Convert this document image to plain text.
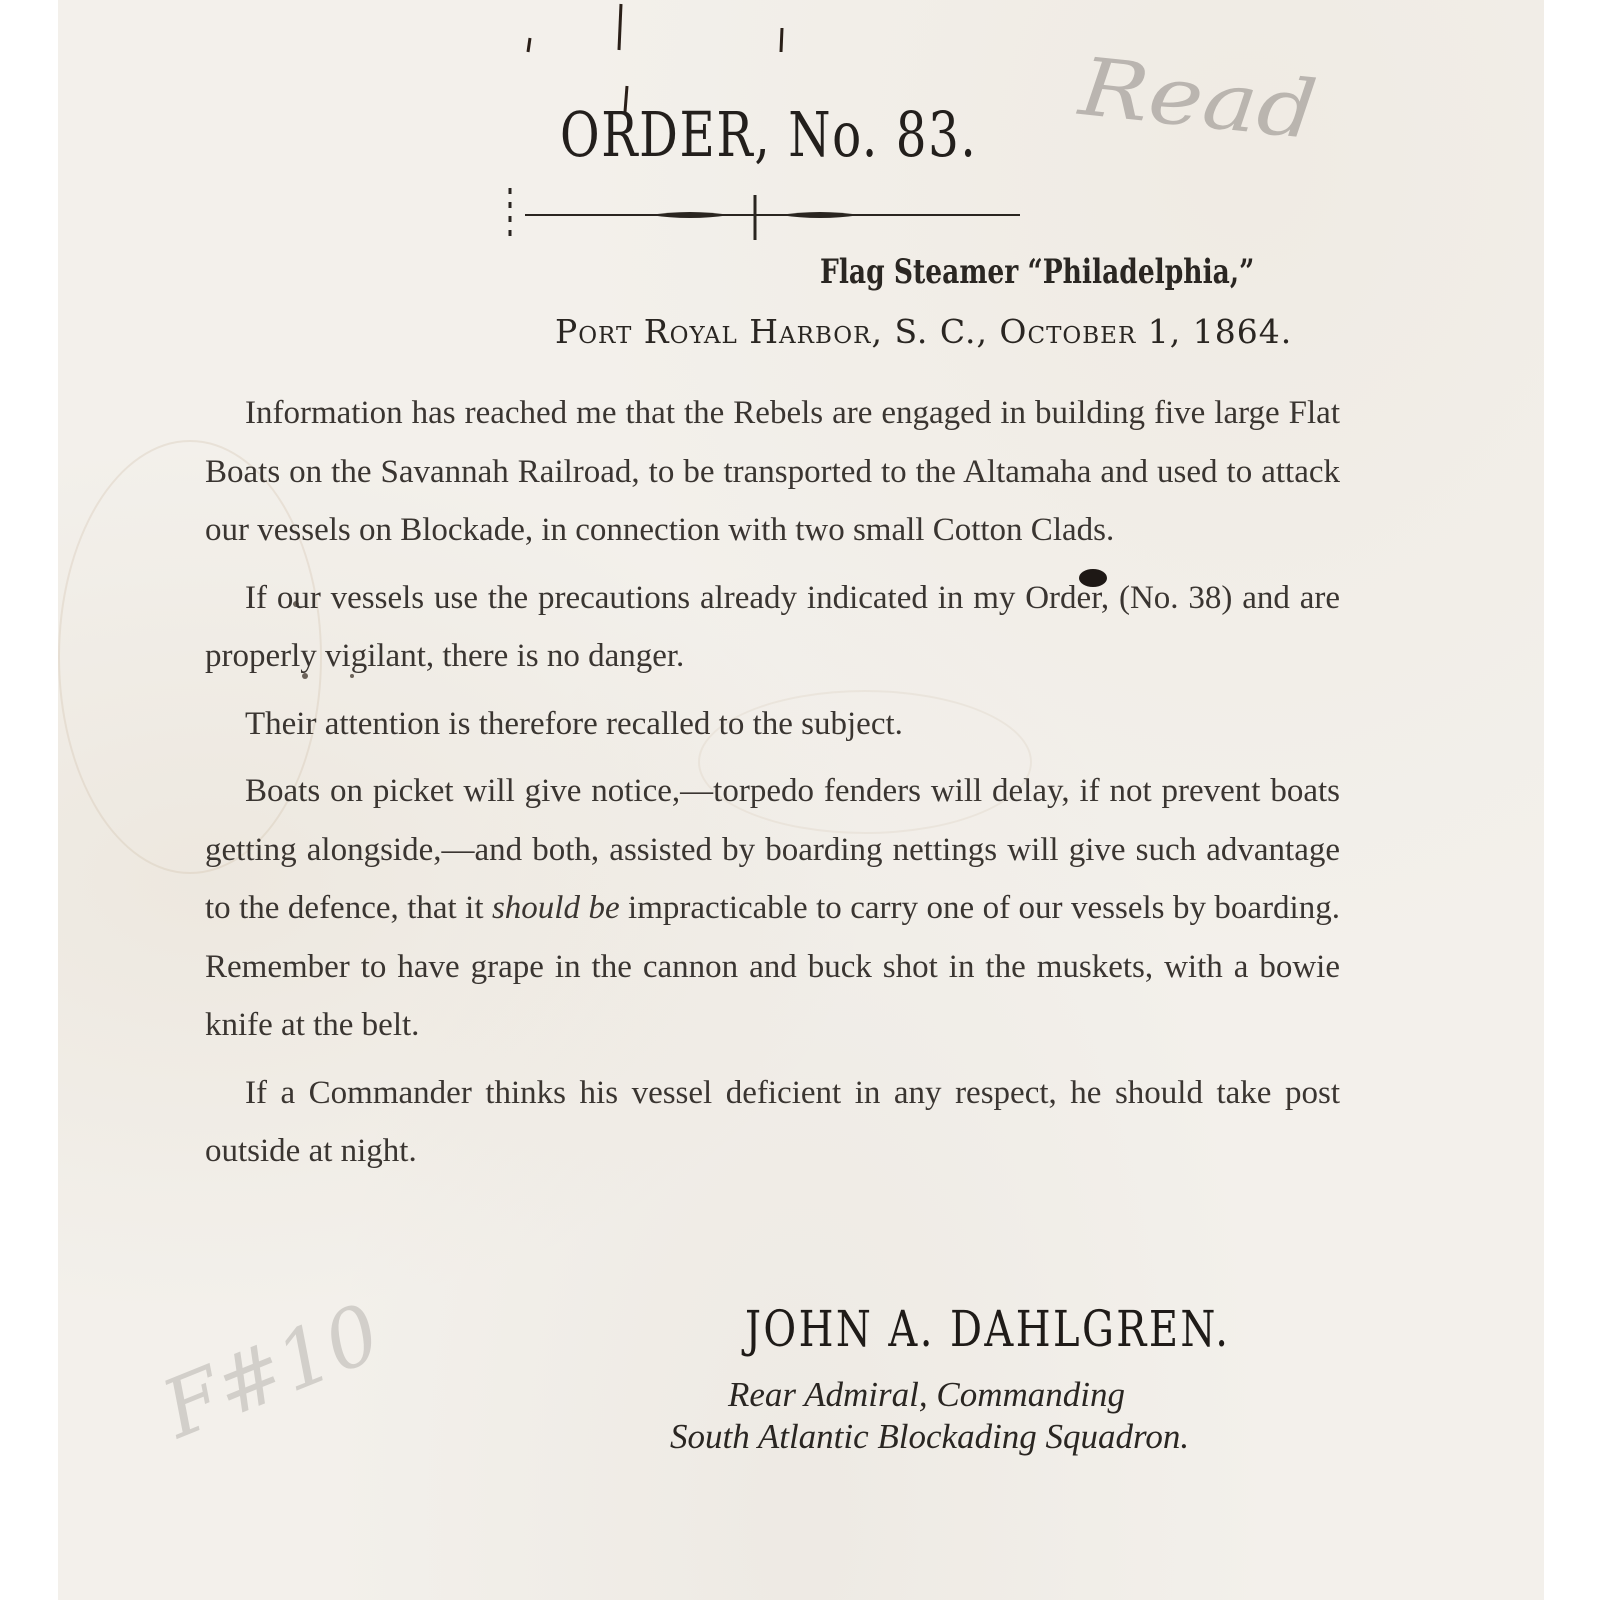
ORDER, No. 83.
Flag Steamer “Philadelphia,”
Port Royal Harbor, S. C., October 1, 1864.

Information has reached me that the Rebels are engaged in building five large Flat Boats on the Savannah Railroad, to be transported to the Altamaha and used to attack our vessels on Blockade, in connection with two small Cotton Clads.

If our vessels use the precautions already indicated in my Order, (No. 38) and are properly vigilant, there is no danger.

Their attention is therefore recalled to the subject.

Boats on picket will give notice,—torpedo fenders will delay, if not prevent boats getting alongside,—and both, assisted by boarding nettings will give such advantage to the defence, that it should be impracticable to carry one of our vessels by boarding. Remember to have grape in the cannon and buck shot in the muskets, with a bowie knife at the belt.

If a Commander thinks his vessel deficient in any respect, he should take post outside at night.

JOHN A. DAHLGREN.
Rear Admiral, Commanding
South Atlantic Blockading Squadron.
Read
F#10
